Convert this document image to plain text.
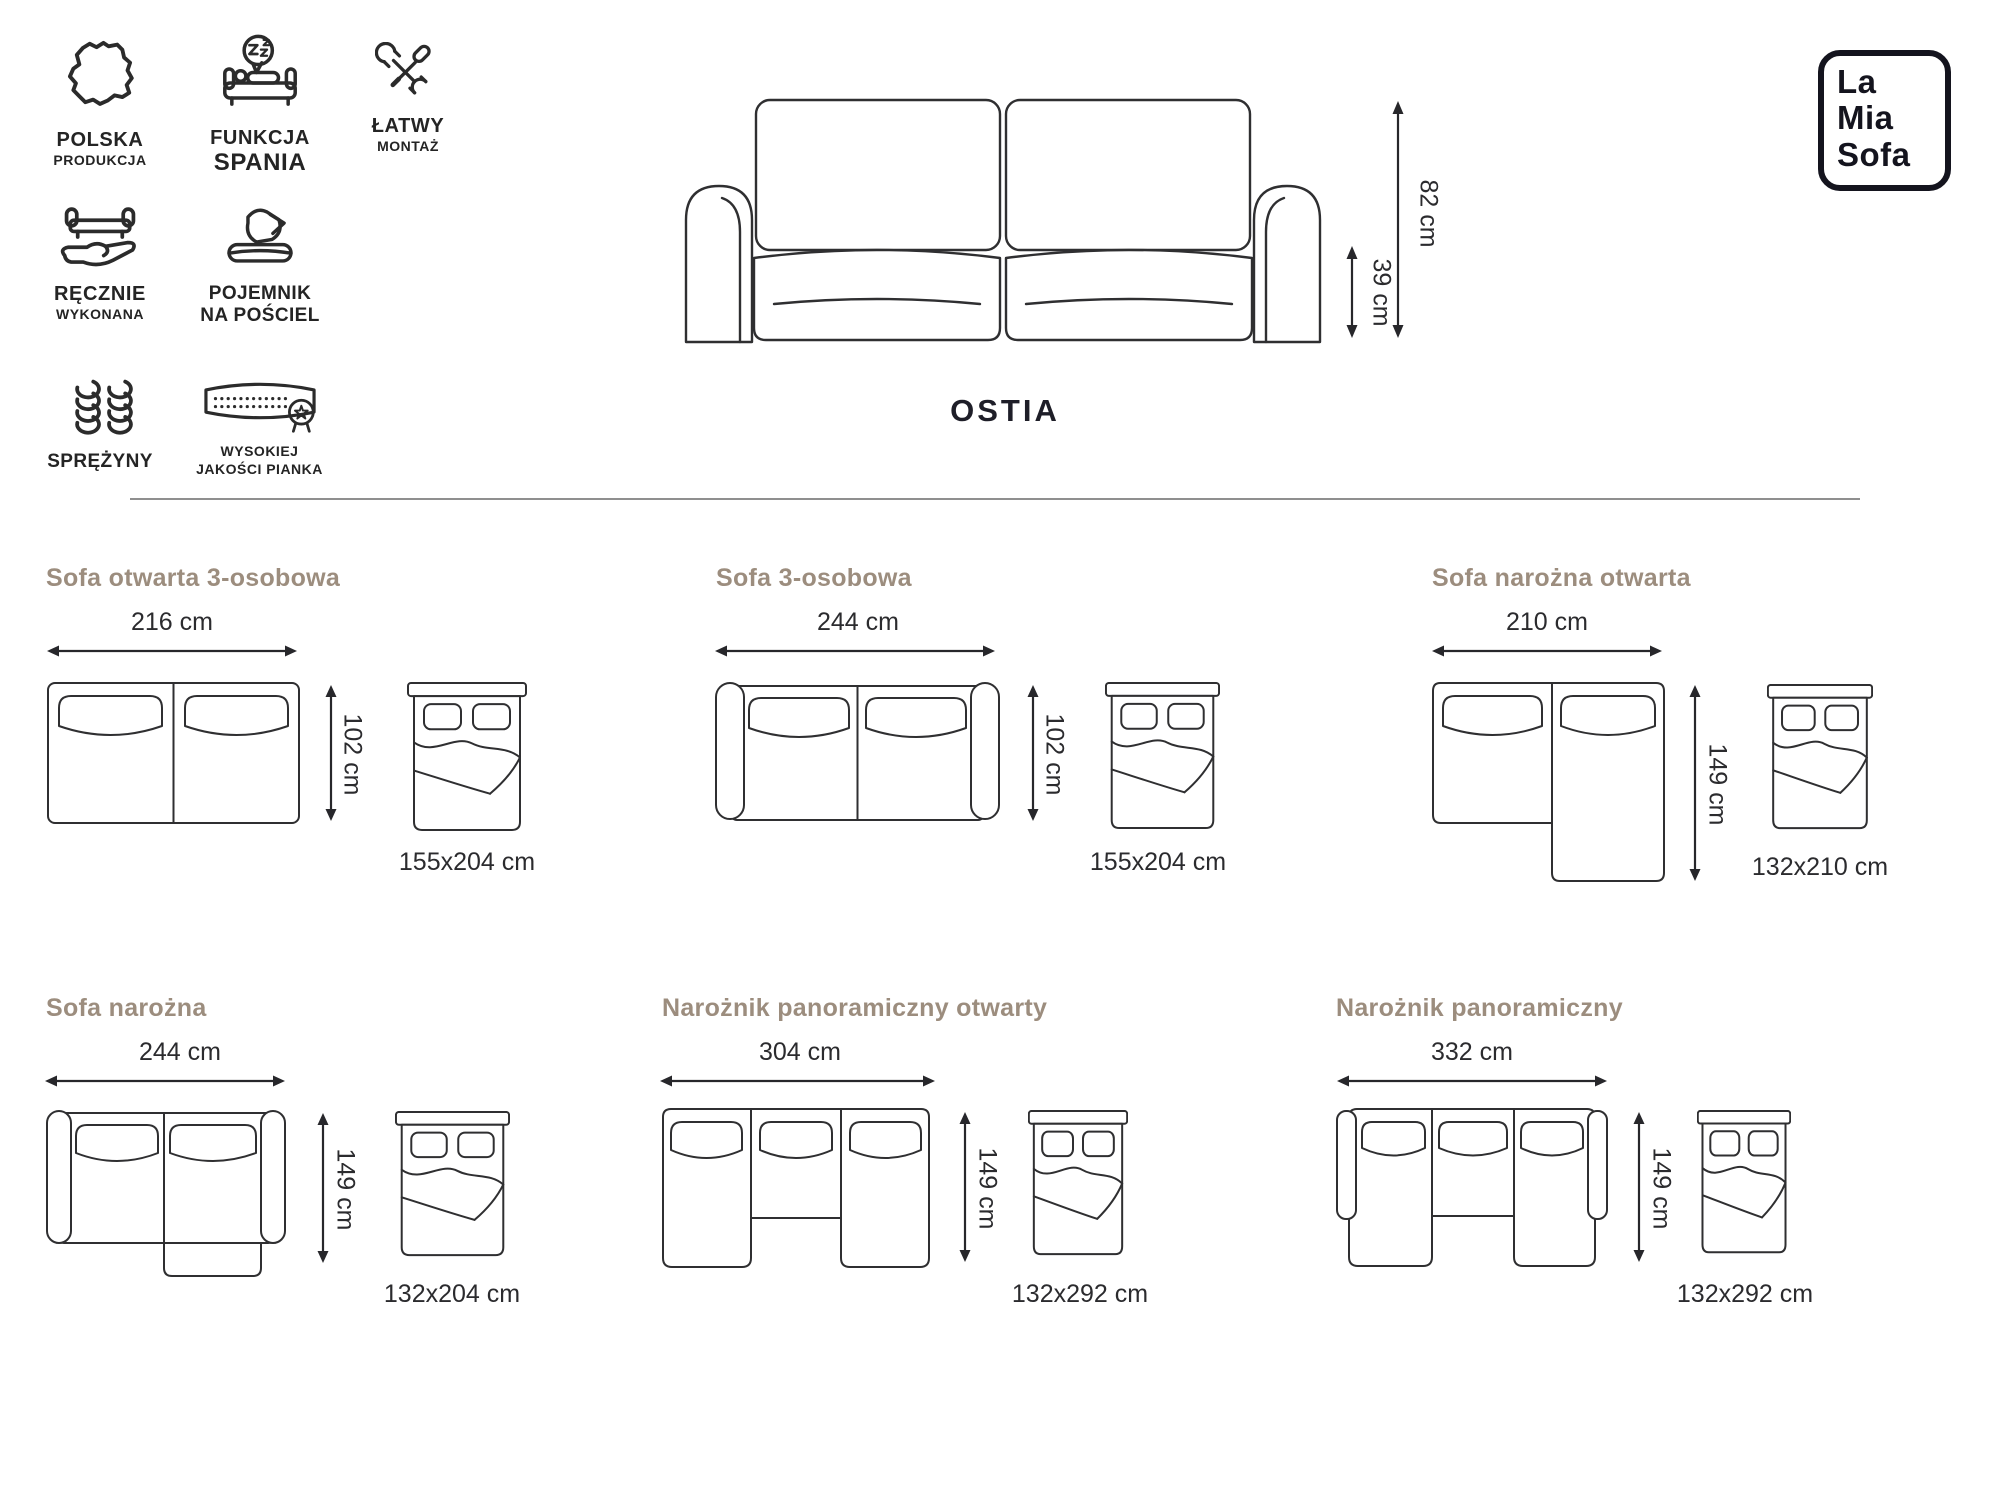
POLSKA
PRODUKCJA
FUNKCJA
SPANIA
ŁATWY
MONTAŻ
RĘCZNIE
WYKONANA
POJEMNIK
NA POŚCIEL
SPRĘŻYNY	WYSOKIEJ
JAKOŚCI PIANKA
82 cm
39 cm
OSTIA
La
Mia
Sofa
Sofa otwarta 3-osobowa
216 cm
102 cm
155x204 cm
Sofa 3-osobowa
244 cm
102 cm
155x204 cm
Sofa narożna otwarta
210 cm
149 cm
132x210 cm
Sofa narożna
244 cm
149 cm
132x204 cm
Narożnik panoramiczny otwarty
304 cm
149 cm
132x292 cm
Narożnik panoramiczny
332 cm
149 cm
132x292 cm
